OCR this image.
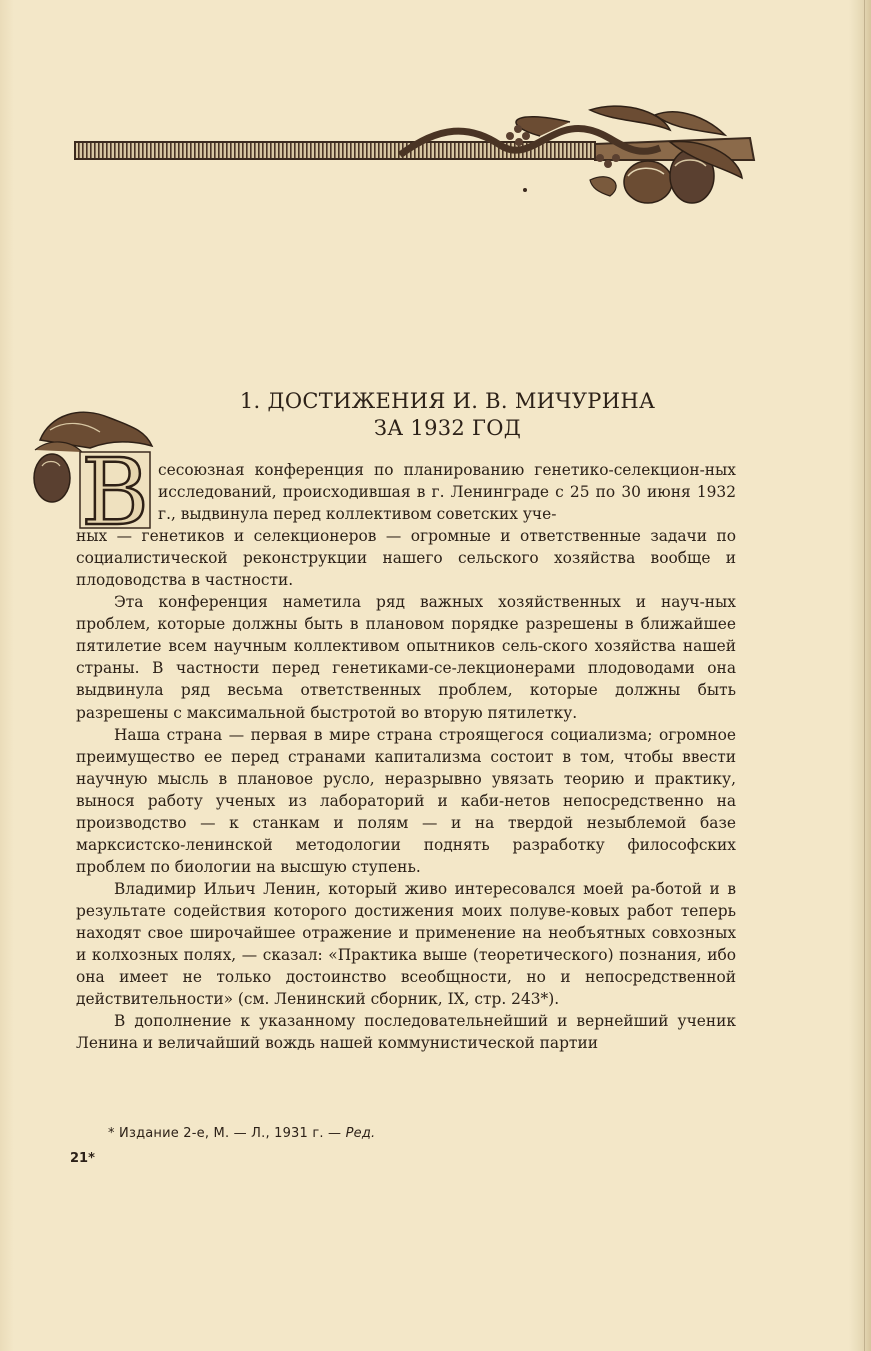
1. ДОСТИЖЕНИЯ И. В. МИЧУРИНА
ЗА 1932 ГОД
В сесоюзная конференция по планированию генетико-селекцион-ных исследований, происходившая в г. Ленинграде с 25 по 30 июня 1932 г., выдвинула перед коллективом советских уче-
ных — генетиков и селекционеров — огромные и ответственные задачи по социалистической реконструкции нашего сельского хозяйства вообще и плодоводства в частности.

Эта конференция наметила ряд важных хозяйственных и науч-ных проблем, которые должны быть в плановом порядке разрешены в ближайшее пятилетие всем научным коллективом опытников сель-ского хозяйства нашей страны. В частности перед генетиками-се-лекционерами плодоводами она выдвинула ряд весьма ответственных проблем, которые должны быть разрешены с максимальной быстротой во вторую пятилетку.

Наша страна — первая в мире страна строящегося социализма; огромное преимущество ее перед странами капитализма состоит в том, чтобы ввести научную мысль в плановое русло, неразрывно увязать теорию и практику, вынося работу ученых из лабораторий и каби-нетов непосредственно на производство — к станкам и полям — и на твердой незыблемой базе марксистско-ленинской методологии поднять разработку философских проблем по биологии на высшую ступень.

Владимир Ильич Ленин, который живо интересовался моей ра-ботой и в результате содействия которого достижения моих полуве-ковых работ теперь находят свое широчайшее отражение и применение на необъятных совхозных и колхозных полях, — сказал: «Практика выше (теоретического) познания, ибо она имеет не только достоинство всеобщности, но и непосредственной действительности» (см. Ленинский сборник, IX, стр. 243*).

В дополнение к указанному последовательнейший и вернейший ученик Ленина и величайший вождь нашей коммунистической партии

* Издание 2-е, М. — Л., 1931 г. — Ред.
21*
